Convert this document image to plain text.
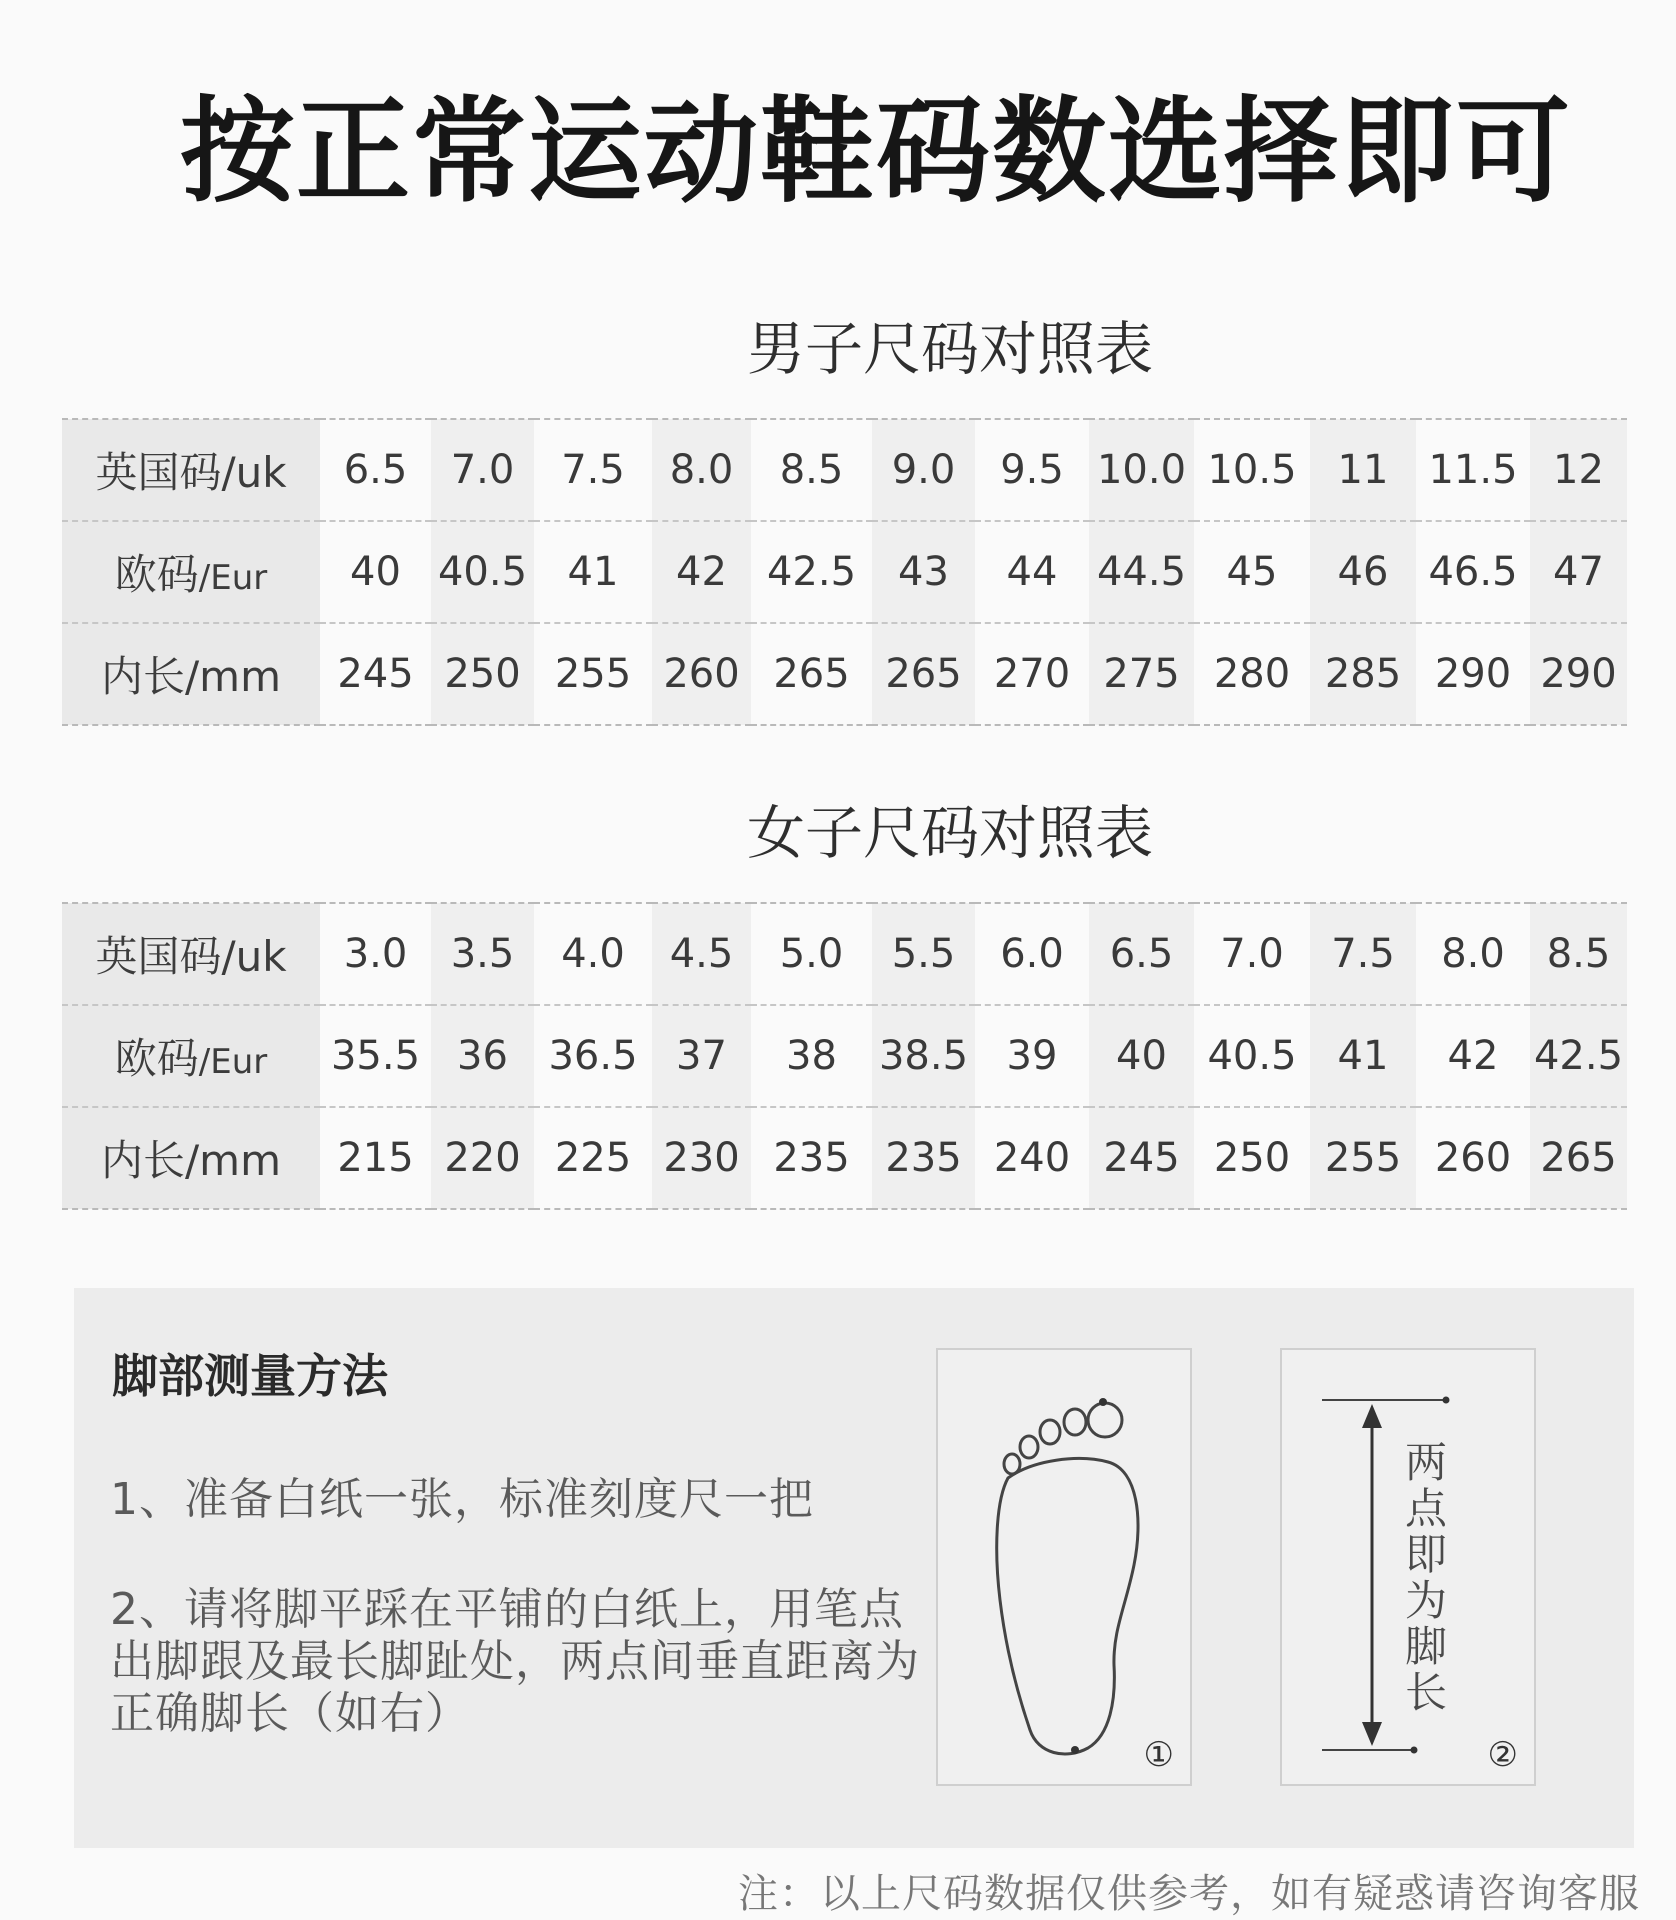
按正常运动鞋码数选择即可
男子尺码对照表
英国码/uk	6.5	7.0	7.5	8.0	8.5	9.0	9.5	10.0	10.5	11	11.5	12
欧码/Eur	40	40.5	41	42	42.5	43	44	44.5	45	46	46.5	47
内长/mm	245	250	255	260	265	265	270	275	280	285	290	290
女子尺码对照表
英国码/uk	3.0	3.5	4.0	4.5	5.0	5.5	6.0	6.5	7.0	7.5	8.0	8.5
欧码/Eur	35.5	36	36.5	37	38	38.5	39	40	40.5	41	42	42.5
内长/mm	215	220	225	230	235	235	240	245	250	255	260	265
脚部测量方法
1、准备白纸一张，标准刻度尺一把
2、请将脚平踩在平铺的白纸上，用笔点出脚跟及最长脚趾处，两点间垂直距离为正确脚长（如右）
①
两点即为脚长
②
注：以上尺码数据仅供参考，如有疑惑请咨询客服
